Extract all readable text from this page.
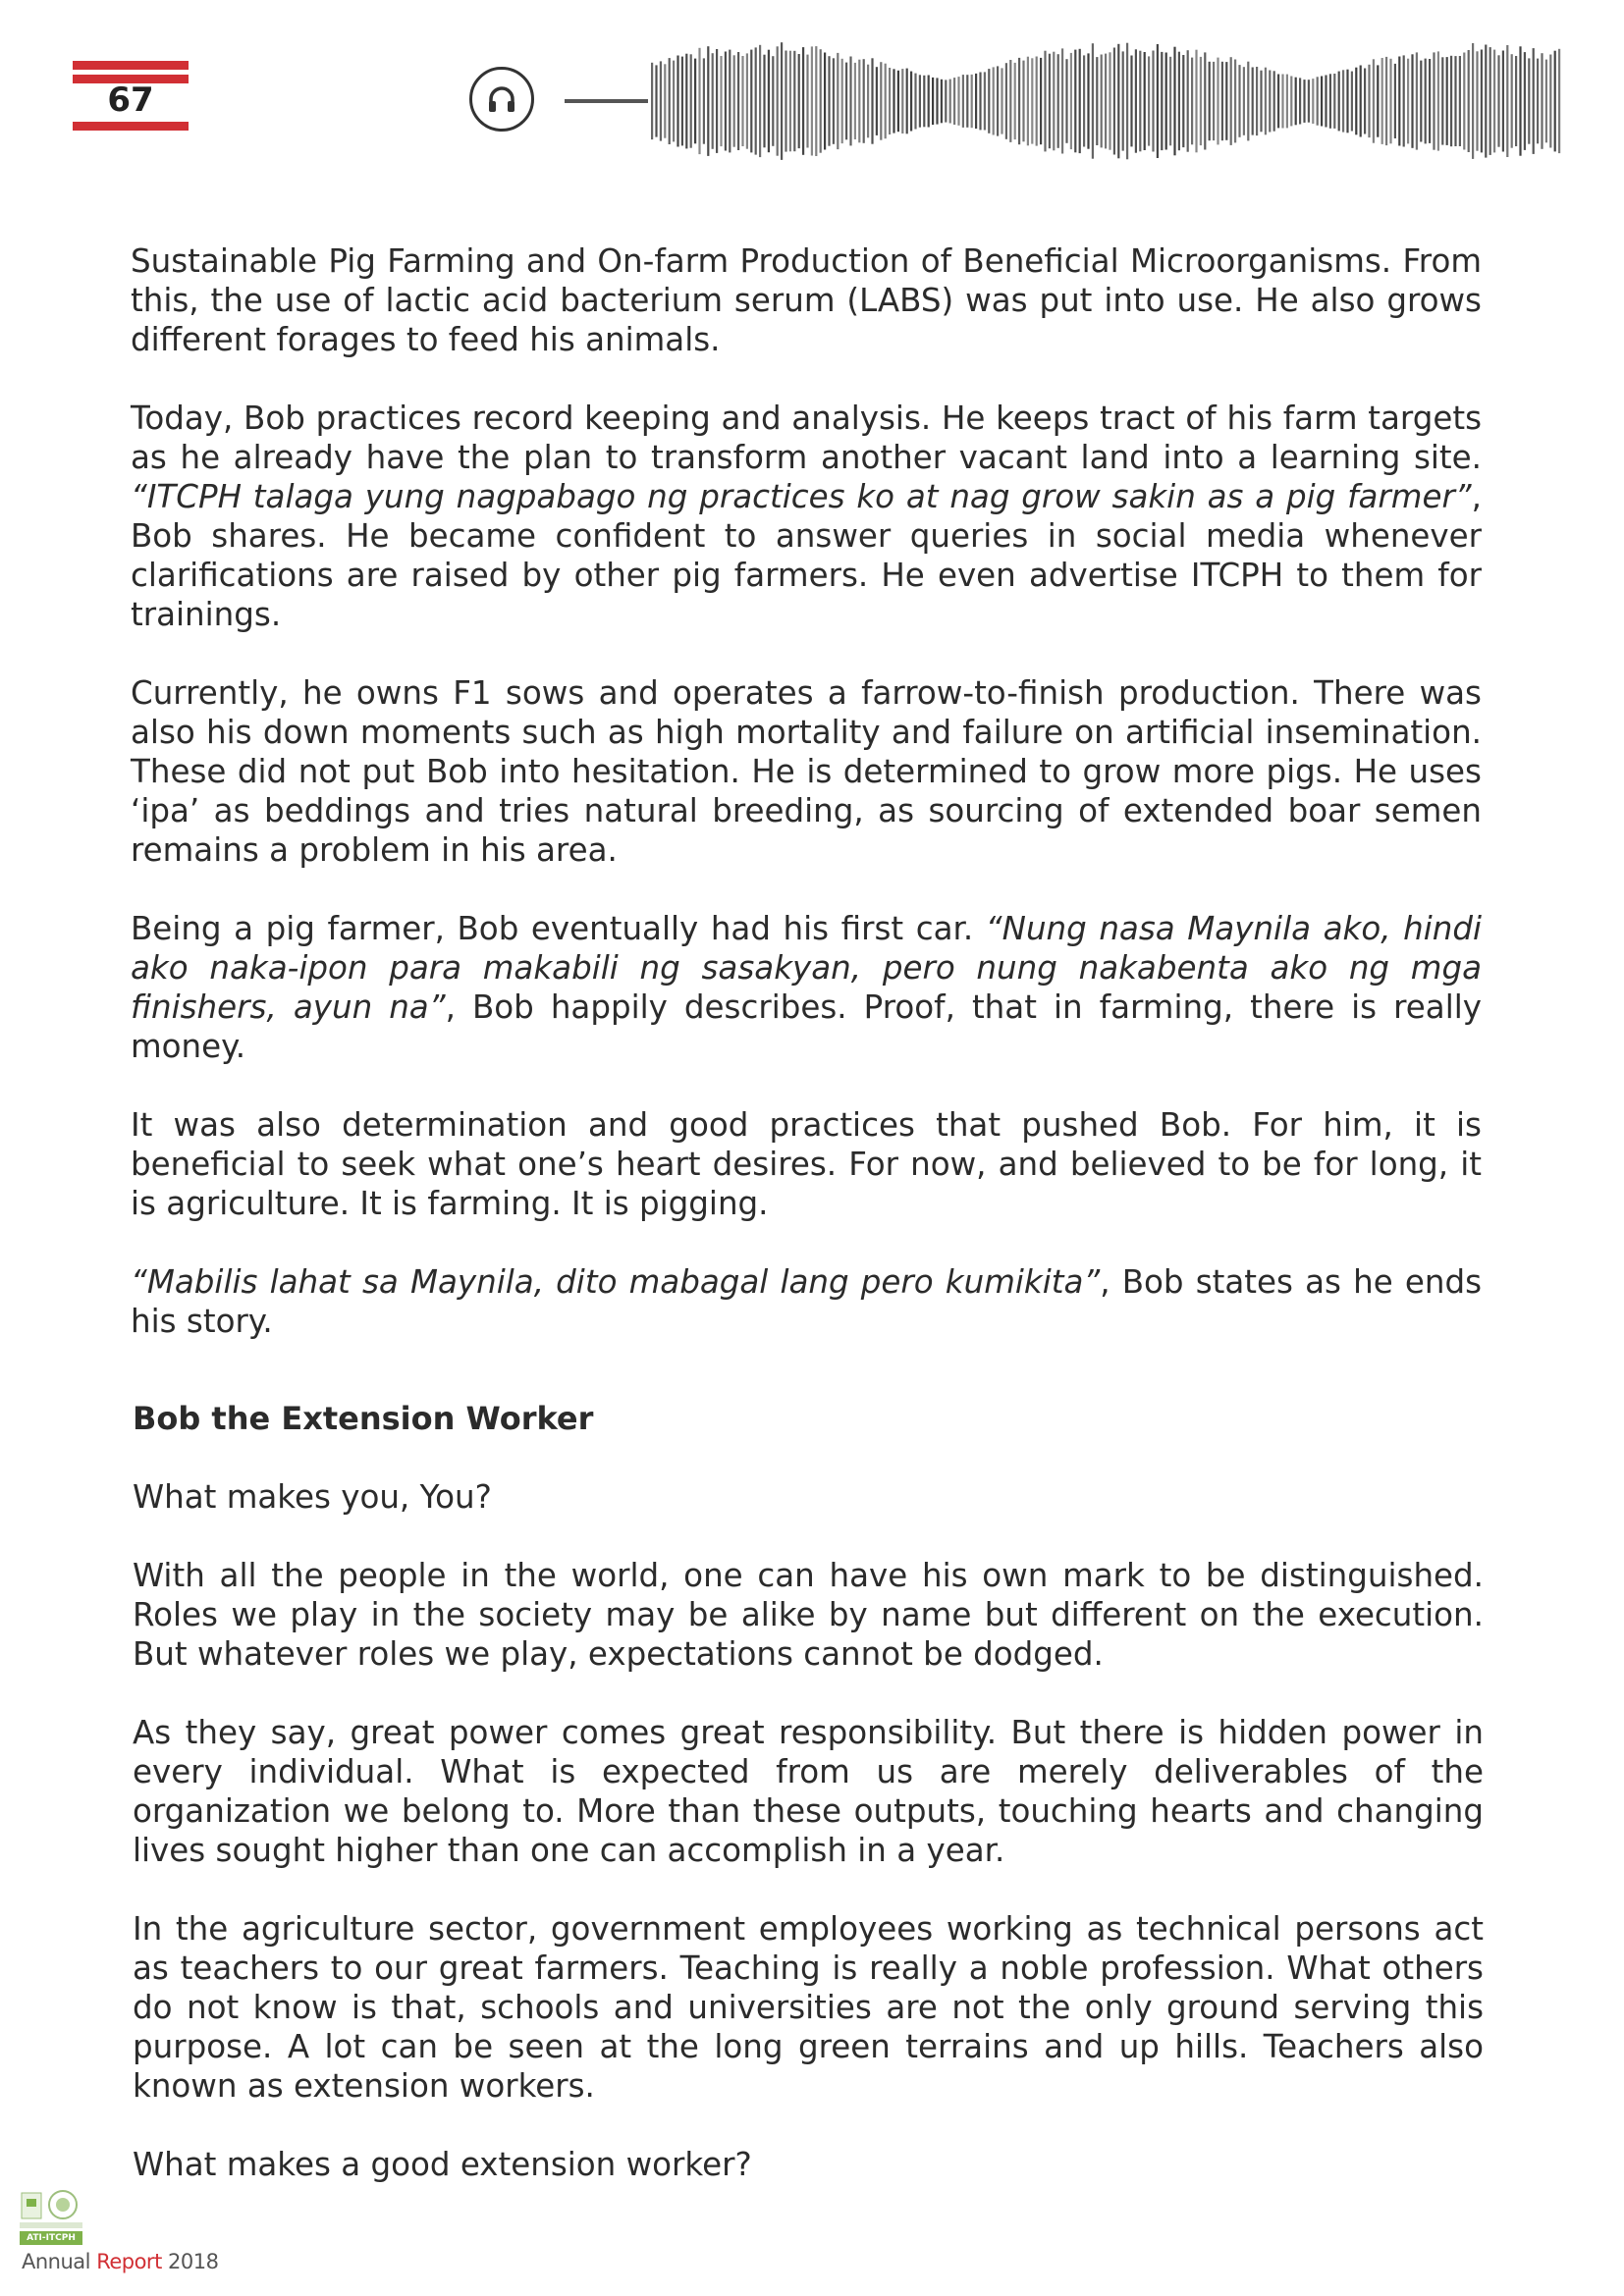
67

Sustainable Pig Farming and On-farm Production of Beneficial Microorganisms. From this, the use of lactic acid bacterium serum (LABS) was put into use. He also grows different forages to feed his animals.

Today, Bob practices record keeping and analysis. He keeps tract of his farm targets as he already have the plan to transform another vacant land into a learning site. “ITCPH talaga yung nagpabago ng practices ko at nag grow sakin as a pig farmer”, Bob shares. He became confident to answer queries in social media whenever clarifications are raised by other pig farmers. He even advertise ITCPH to them for trainings.

Currently, he owns F1 sows and operates a farrow-to-finish production. There was also his down moments such as high mortality and failure on artificial insemination. These did not put Bob into hesitation. He is determined to grow more pigs. He uses ‘ipa’ as beddings and tries natural breeding, as sourcing of extended boar semen remains a problem in his area.

Being a pig farmer, Bob eventually had his first car. “Nung nasa Maynila ako, hindi ako naka-ipon para makabili ng sasakyan, pero nung nakabenta ako ng mga finishers, ayun na”, Bob happily describes. Proof, that in farming, there is really money.

It was also determination and good practices that pushed Bob. For him, it is beneficial to seek what one’s heart desires. For now, and believed to be for long, it is agriculture. It is farming. It is pigging.

“Mabilis lahat sa Maynila, dito mabagal lang pero kumikita”, Bob states as he ends his story.

Bob the Extension Worker

What makes you, You?

With all the people in the world, one can have his own mark to be distinguished. Roles we play in the society may be alike by name but different on the execution. But whatever roles we play, expectations cannot be dodged.

As they say, great power comes great responsibility. But there is hidden power in every individual. What is expected from us are merely deliverables of the organization we belong to. More than these outputs, touching hearts and changing lives sought higher than one can accomplish in a year.

In the agriculture sector, government employees working as technical persons act as teachers to our great farmers. Teaching is really a noble profession. What others do not know is that, schools and universities are not the only ground serving this purpose. A lot can be seen at the long green terrains and up hills. Teachers also known as extension workers.

What makes a good extension worker?

ATI-ITCPH
Annual Report 2018
